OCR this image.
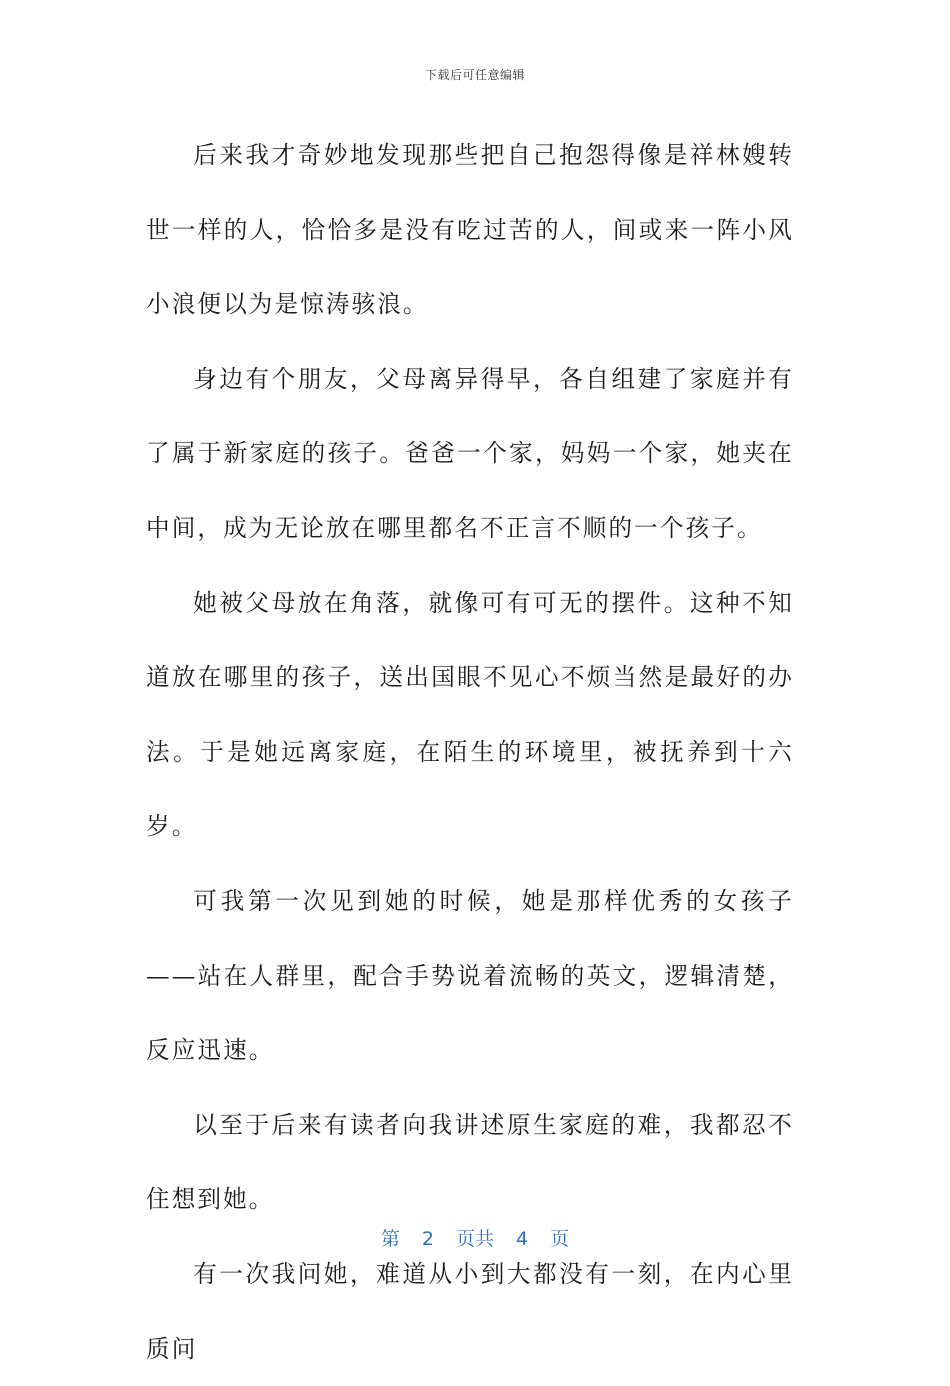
下载后可任意编辑

后来我才奇妙地发现那些把自己抱怨得像是祥林嫂转世一样的人，恰恰多是没有吃过苦的人，间或来一阵小风小浪便以为是惊涛骇浪。

身边有个朋友，父母离异得早，各自组建了家庭并有了属于新家庭的孩子。爸爸一个家，妈妈一个家，她夹在中间，成为无论放在哪里都名不正言不顺的一个孩子。

她被父母放在角落，就像可有可无的摆件。这种不知道放在哪里的孩子，送出国眼不见心不烦当然是最好的办法。于是她远离家庭，在陌生的环境里，被抚养到十六岁。

可我第一次见到她的时候，她是那样优秀的女孩子——站在人群里，配合手势说着流畅的英文，逻辑清楚，反应迅速。

以至于后来有读者向我讲述原生家庭的难，我都忍不住想到她。

有一次我问她，难道从小到大都没有一刻，在内心里质问

第 2 页共 4 页
